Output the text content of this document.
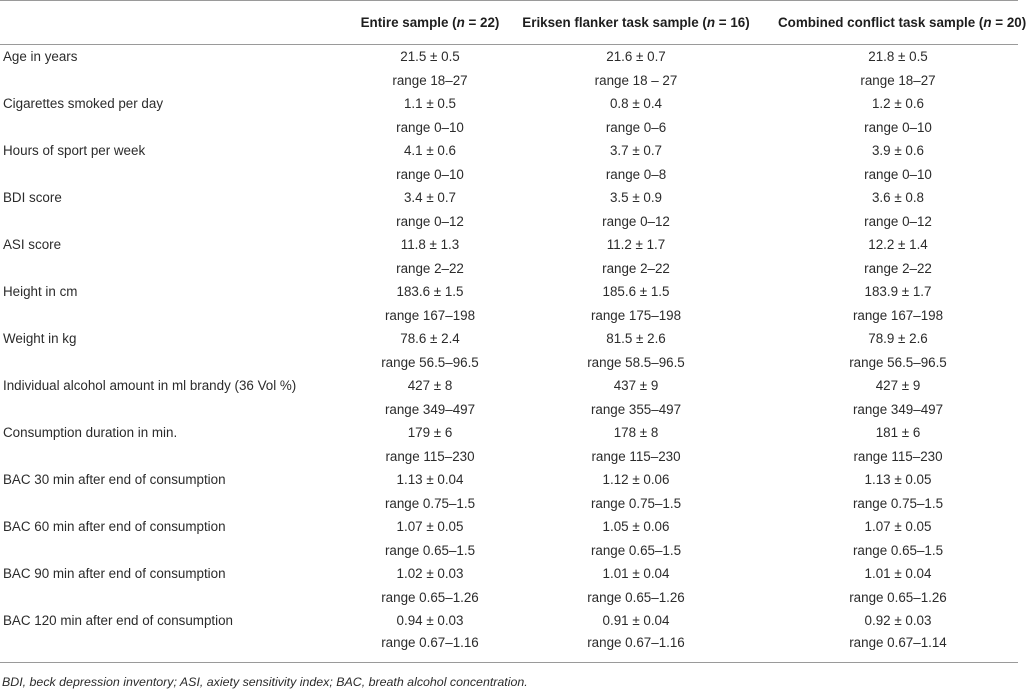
	Entire sample (n = 22)	Eriksen flanker task sample (n = 16)	Combined conflict task sample (n = 20)
Age in years	21.5 ± 0.5	21.6 ± 0.7	21.8 ± 0.5
	range 18–27	range 18 – 27	range 18–27
Cigarettes smoked per day	1.1 ± 0.5	0.8 ± 0.4	1.2 ± 0.6
	range 0–10	range 0–6	range 0–10
Hours of sport per week	4.1 ± 0.6	3.7 ± 0.7	3.9 ± 0.6
	range 0–10	range 0–8	range 0–10
BDI score	3.4 ± 0.7	3.5 ± 0.9	3.6 ± 0.8
	range 0–12	range 0–12	range 0–12
ASI score	11.8 ± 1.3	11.2 ± 1.7	12.2 ± 1.4
	range 2–22	range 2–22	range 2–22
Height in cm	183.6 ± 1.5	185.6 ± 1.5	183.9 ± 1.7
	range 167–198	range 175–198	range 167–198
Weight in kg	78.6 ± 2.4	81.5 ± 2.6	78.9 ± 2.6
	range 56.5–96.5	range 58.5–96.5	range 56.5–96.5
Individual alcohol amount in ml brandy (36 Vol %)	427 ± 8	437 ± 9	427 ± 9
	range 349–497	range 355–497	range 349–497
Consumption duration in min.	179 ± 6	178 ± 8	181 ± 6
	range 115–230	range 115–230	range 115–230
BAC 30 min after end of consumption	1.13 ± 0.04	1.12 ± 0.06	1.13 ± 0.05
	range 0.75–1.5	range 0.75–1.5	range 0.75–1.5
BAC 60 min after end of consumption	1.07 ± 0.05	1.05 ± 0.06	1.07 ± 0.05
	range 0.65–1.5	range 0.65–1.5	range 0.65–1.5
BAC 90 min after end of consumption	1.02 ± 0.03	1.01 ± 0.04	1.01 ± 0.04
	range 0.65–1.26	range 0.65–1.26	range 0.65–1.26
BAC 120 min after end of consumption	0.94 ± 0.03	0.91 ± 0.04	0.92 ± 0.03
	range 0.67–1.16	range 0.67–1.16	range 0.67–1.14
BDI, beck depression inventory; ASI, axiety sensitivity index; BAC, breath alcohol concentration.
